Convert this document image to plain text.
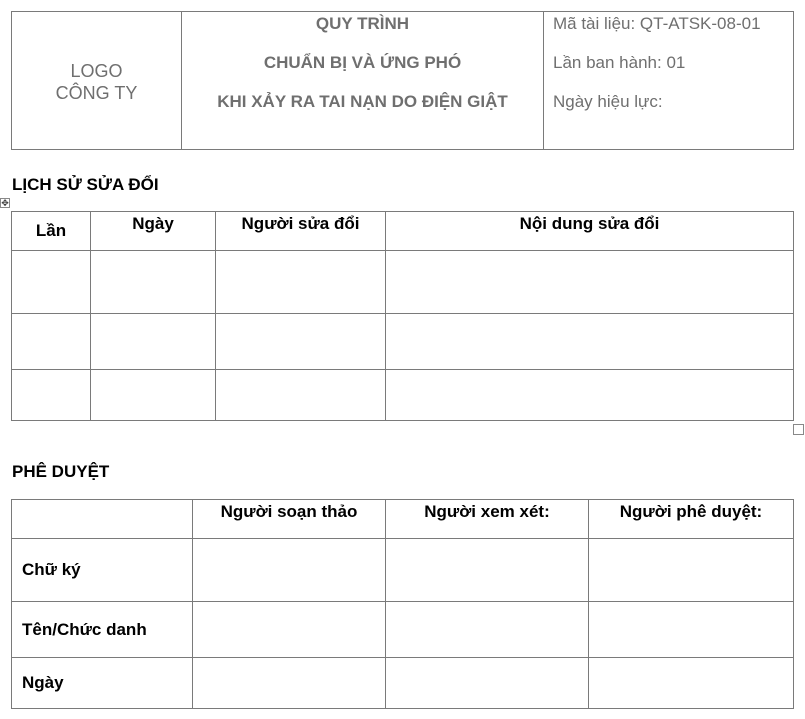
LOGO
CÔNG TY

QUY TRÌNH
CHUẨN BỊ VÀ ỨNG PHÓ
KHI XẢY RA TAI NẠN DO ĐIỆN GIẬT

Mã tài liệu: QT-ATSK-08-01
Lần ban hành: 01
Ngày hiệu lực:
LỊCH SỬ SỬA ĐỔI
✥
Lần	Ngày	Người sửa đổi	Nội dung sửa đổi

PHÊ DUYỆT
	Người soạn thảo	Người xem xét:	Người phê duyệt:
Chữ ký			
Tên/Chức danh			
Ngày			
